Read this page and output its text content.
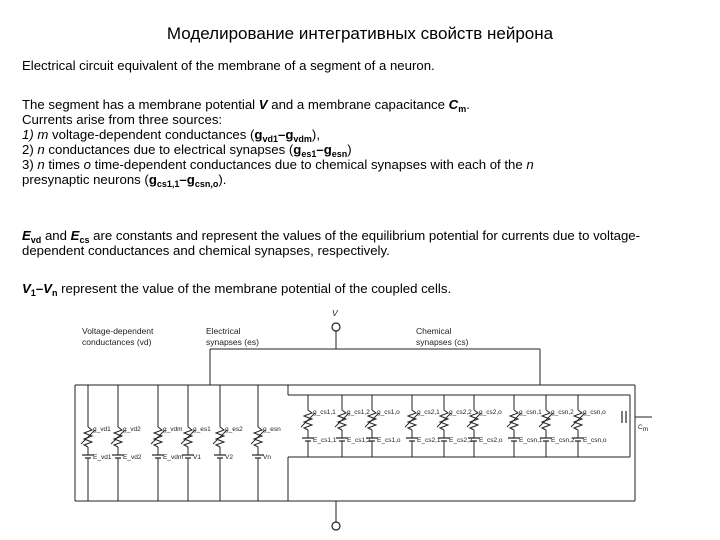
Моделирование интегративных свойств нейрона

Electrical circuit equivalent of the membrane of a segment of a neuron.

The segment has a membrane potential V and a membrane capacitance $C_m$.
Currents arise from three sources:
1) m voltage-dependent conductances $(g_{vd1}-g_{vdm})$,
2) n conductances due to electrical synapses $(g_{es1}-g_{esn})$
3) n times o time-dependent conductances due to chemical synapses with each of the n
presynaptic neurons $(g_{cs1,1}-g_{csn,o})$.

$E_{vd}$ and $E_{cs}$ are constants and represent the values of the equilibrium potential for currents due to voltage-dependent conductances and chemical synapses, respectively.

$V_1-V_n$ represent the value of the membrane potential of the coupled cells.

V
Voltage-dependent
conductances (vd)
Electrical
synapses (es)
Chemical
synapses (cs)
g_vd1
E_vd1
g_vd2
E_vd2
g_vdm
E_vdm
g_es1
V1
g_es2
V2
g_esn
Vn
g_cs1,1
E_cs1,1
g_cs1,2
E_cs1,2
g_cs1,o
E_cs1,o
g_cs2,1
E_cs2,1
g_cs2,2
E_cs2,2
g_cs2,o
E_cs2,o
g_csn,1
E_csn,1
g_csn,2
E_csn,2
g_csn,o
E_csn,o
Cm
